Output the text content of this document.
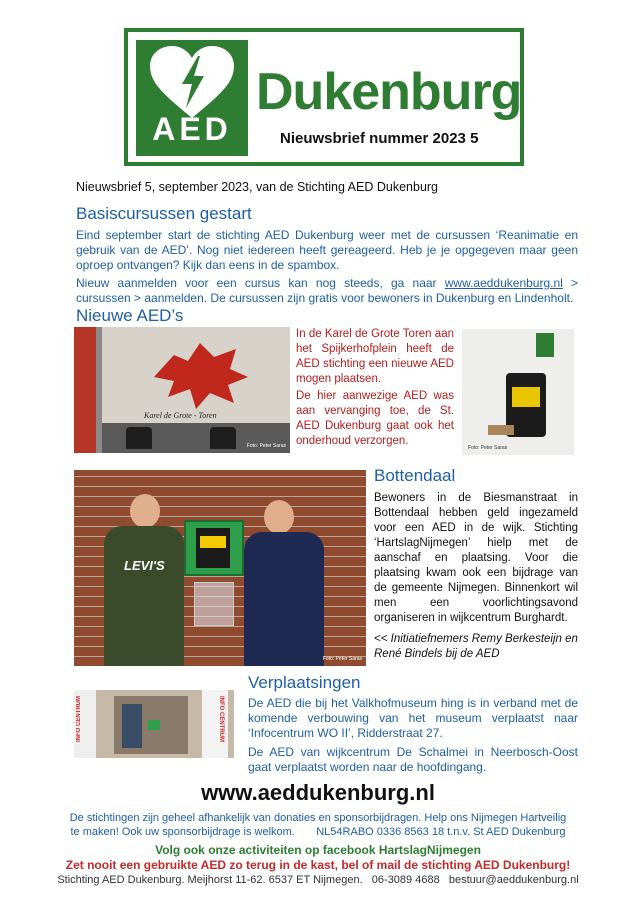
AED
Dukenburg
Nieuwsbrief nummer 2023 5
Nieuwsbrief 5, september 2023, van de Stichting AED Dukenburg
Basiscursussen gestart
Eind september start de stichting AED Dukenburg weer met de cursussen ‘Reanimatie en gebruik van de AED’. Nog niet iedereen heeft gereageerd. Heb je je opgegeven maar geen oproep ontvangen? Kijk dan eens in de spambox.
Nieuw aanmelden voor een cursus kan nog steeds, ga naar www.aeddukenburg.nl > cursussen > aanmelden. De cursussen zijn gratis voor bewoners in Dukenburg en Lindenholt.
Nieuwe AED’s
Karel de Grote - Toren
Foto: Peter Saras
In de Karel de Grote Toren aan het Spijkerhofplein heeft de AED stichting een nieuwe AED mogen plaatsen.
De hier aanwezige AED was aan vervanging toe, de St. AED Dukenburg gaat ook het onderhoud verzorgen.
Foto: Peter Saras
LEVI'S
Foto: Peter Saras
Bottendaal
Bewoners in de Biesmanstraat in Bottendaal hebben geld ingezameld voor een AED in de wijk. Stichting ‘HartslagNijmegen’ hielp met de aanschaf en plaatsing. Voor die plaatsing kwam ook een bijdrage van de gemeente Nijmegen. Binnenkort wil men een voorlichtingsavond organiseren in wijkcentrum Burghardt.
<< Initiatiefnemers Remy Berkesteijn en René Bindels bij de AED
Verplaatsingen
INFO CENTRUM	INFO CENTRUM De AED die bij het Valkhofmuseum hing is in verband met de komende verbouwing van het museum verplaatst naar ‘Infocentrum WO II’, Ridderstraat 27.
De AED van wijkcentrum De Schalmei in Neerbosch-Oost gaat verplaatst worden naar de hoofdingang.
www.aeddukenburg.nl
De stichtingen zijn geheel afhankelijk van donaties en sponsorbijdragen. Help ons Nijmegen Hartveilig
te maken! Ook uw sponsorbijdrage is welkom.       NL54RABO 0336 8563 18 t.n.v. St AED Dukenburg
Volg ook onze activiteiten op facebook HartslagNijmegen
Zet nooit een gebruikte AED zo terug in de kast, bel of mail de stichting AED Dukenburg!
Stichting AED Dukenburg. Meijhorst 11-62. 6537 ET Nijmegen.   06-3089 4688   bestuur@aeddukenburg.nl
